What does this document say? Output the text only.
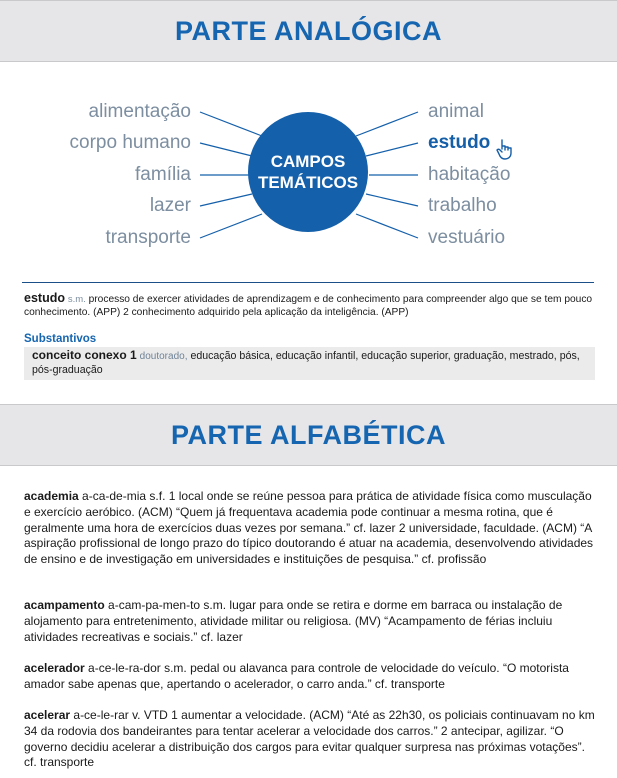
PARTE ANALÓGICA
alimentação
corpo humano
família
lazer
transporte
animal
estudo
habitação
trabalho
vestuário
CAMPOS
TEMÁTICOS
estudo s.m. processo de exercer atividades de aprendizagem e de conhecimento para compreender algo que se tem pouco conhecimento. (APP) 2 conhecimento adquirido pela aplicação da inteligência. (APP)
Substantivos
conceito conexo 1 doutorado, educação básica, educação infantil, educação superior, graduação, mestrado, pós, pós-graduação
PARTE ALFABÉTICA
academia a-ca-de-mia s.f. 1 local onde se reúne pessoa para prática de atividade física como musculação e exercício aeróbico. (ACM) “Quem já frequentava academia pode continuar a mesma rotina, que é geralmente uma hora de exercícios duas vezes por semana.” cf. lazer 2 universidade, faculdade. (ACM) “A aspiração profissional de longo prazo do típico doutorando é atuar na academia, desenvolvendo atividades de ensino e de investigação em universidades e instituições de pesquisa.” cf. profissão
acampamento a-cam-pa-men-to s.m. lugar para onde se retira e dorme em barraca ou instalação de alojamento para entretenimento, atividade militar ou religiosa. (MV) “Acampamento de férias incluiu atividades recreativas e sociais.” cf. lazer
acelerador a-ce-le-ra-dor s.m. pedal ou alavanca para controle de velocidade do veículo. “O motorista amador sabe apenas que, apertando o acelerador, o carro anda.” cf. transporte
acelerar a-ce-le-rar v. VTD 1 aumentar a velocidade. (ACM) “Até as 22h30, os policiais continuavam no km 34 da rodovia dos bandeirantes para tentar acelerar a velocidade dos carros.” 2 antecipar, agilizar. “O governo decidiu acelerar a distribuição dos cargos para evitar qualquer surpresa nas próximas votações”. cf. transporte
